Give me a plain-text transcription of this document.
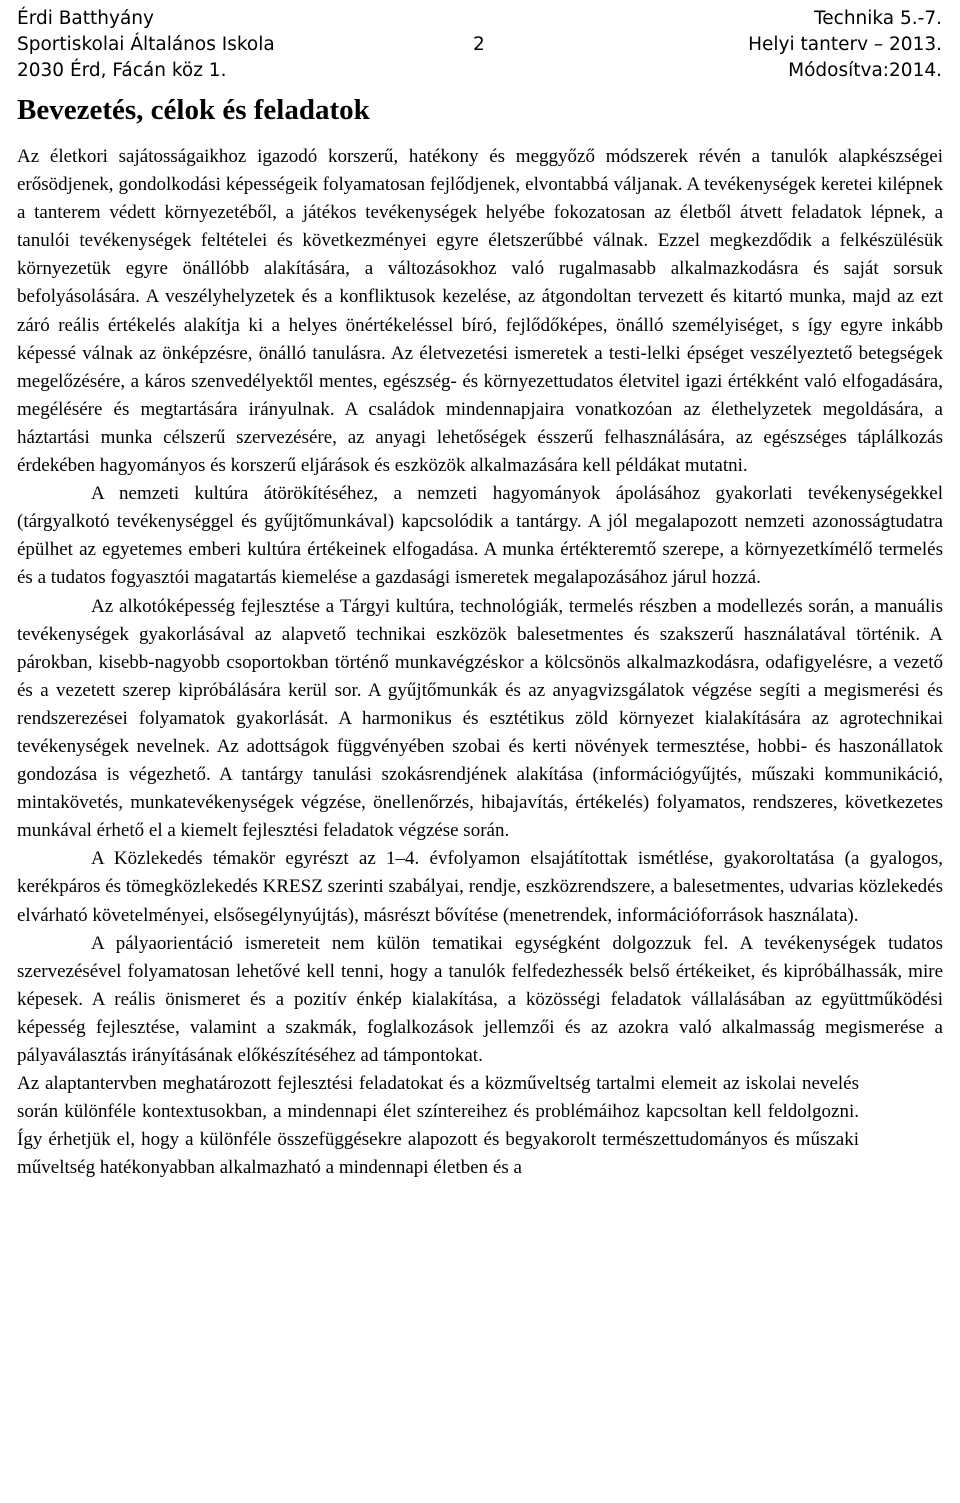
Érdi Batthyány
Sportiskolai Általános Iskola
2030 Érd, Fácán köz 1.
2
Technika 5.-7.
Helyi tanterv – 2013.
Módosítva:2014.
Bevezetés, célok és feladatok

Az életkori sajátosságaikhoz igazodó korszerű, hatékony és meggyőző módszerek révén a tanulók alapkészségei erősödjenek, gondolkodási képességeik folyamatosan fejlődjenek, elvontabbá váljanak. A tevékenységek keretei kilépnek a tanterem védett környezetéből, a játékos tevékenységek helyébe fokozatosan az életből átvett feladatok lépnek, a tanulói tevékenységek feltételei és következményei egyre életszerűbbé válnak. Ezzel megkezdődik a felkészülésük környezetük egyre önállóbb alakítására, a változásokhoz való rugalmasabb alkalmazkodásra és saját sorsuk befolyásolására. A veszélyhelyzetek és a konfliktusok kezelése, az átgondoltan tervezett és kitartó munka, majd az ezt záró reális értékelés alakítja ki a helyes önértékeléssel bíró, fejlődőképes, önálló személyiséget, s így egyre inkább képessé válnak az önképzésre, önálló tanulásra. Az életvezetési ismeretek a testi-lelki épséget veszélyeztető betegségek megelőzésére, a káros szenvedélyektől mentes, egészség- és környezettudatos életvitel igazi értékként való elfogadására, megélésére és megtartására irányulnak. A családok mindennapjaira vonatkozóan az élethelyzetek megoldására, a háztartási munka célszerű szervezésére, az anyagi lehetőségek ésszerű felhasználására, az egészséges táplálkozás érdekében hagyományos és korszerű eljárások és eszközök alkalmazására kell példákat mutatni.

A nemzeti kultúra átörökítéséhez, a nemzeti hagyományok ápolásához gyakorlati tevékenységekkel (tárgyalkotó tevékenységgel és gyűjtőmunkával) kapcsolódik a tantárgy. A jól megalapozott nemzeti azonosságtudatra épülhet az egyetemes emberi kultúra értékeinek elfogadása. A munka értékteremtő szerepe, a környezetkímélő termelés és a tudatos fogyasztói magatartás kiemelése a gazdasági ismeretek megalapozásához járul hozzá.

Az alkotóképesség fejlesztése a Tárgyi kultúra, technológiák, termelés részben a modellezés során, a manuális tevékenységek gyakorlásával az alapvető technikai eszközök balesetmentes és szakszerű használatával történik. A párokban, kisebb-nagyobb csoportokban történő munkavégzéskor a kölcsönös alkalmazkodásra, odafigyelésre, a vezető és a vezetett szerep kipróbálására kerül sor. A gyűjtőmunkák és az anyagvizsgálatok végzése segíti a megismerési és rendszerezései folyamatok gyakorlását. A harmonikus és esztétikus zöld környezet kialakítására az agrotechnikai tevékenységek nevelnek. Az adottságok függvényében szobai és kerti növények termesztése, hobbi- és haszonállatok gondozása is végezhető. A tantárgy tanulási szokásrendjének alakítása (információgyűjtés, műszaki kommunikáció, mintakövetés, munkatevékenységek végzése, önellenőrzés, hibajavítás, értékelés) folyamatos, rendszeres, következetes munkával érhető el a kiemelt fejlesztési feladatok végzése során.

A Közlekedés témakör egyrészt az 1–4. évfolyamon elsajátítottak ismétlése, gyakoroltatása (a gyalogos, kerékpáros és tömegközlekedés KRESZ szerinti szabályai, rendje, eszközrendszere, a balesetmentes, udvarias közlekedés elvárható követelményei, elsősegélynyújtás), másrészt bővítése (menetrendek, információforrások használata).

A pályaorientáció ismereteit nem külön tematikai egységként dolgozzuk fel. A tevékenységek tudatos szervezésével folyamatosan lehetővé kell tenni, hogy a tanulók felfedezhessék belső értékeiket, és kipróbálhassák, mire képesek. A reális önismeret és a pozitív énkép kialakítása, a közösségi feladatok vállalásában az együttműködési képesség fejlesztése, valamint a szakmák, foglalkozások jellemzői és az azokra való alkalmasság megismerése a pályaválasztás irányításának előkészítéséhez ad támpontokat.

Az alaptantervben meghatározott fejlesztési feladatokat és a közműveltség tartalmi elemeit az iskolai nevelés során különféle kontextusokban, a mindennapi élet színtereihez és problémáihoz kapcsoltan kell feldolgozni. Így érhetjük el, hogy a különféle összefüggésekre alapozott és begyakorolt természettudományos és műszaki műveltség hatékonyabban alkalmazható a mindennapi életben és a
